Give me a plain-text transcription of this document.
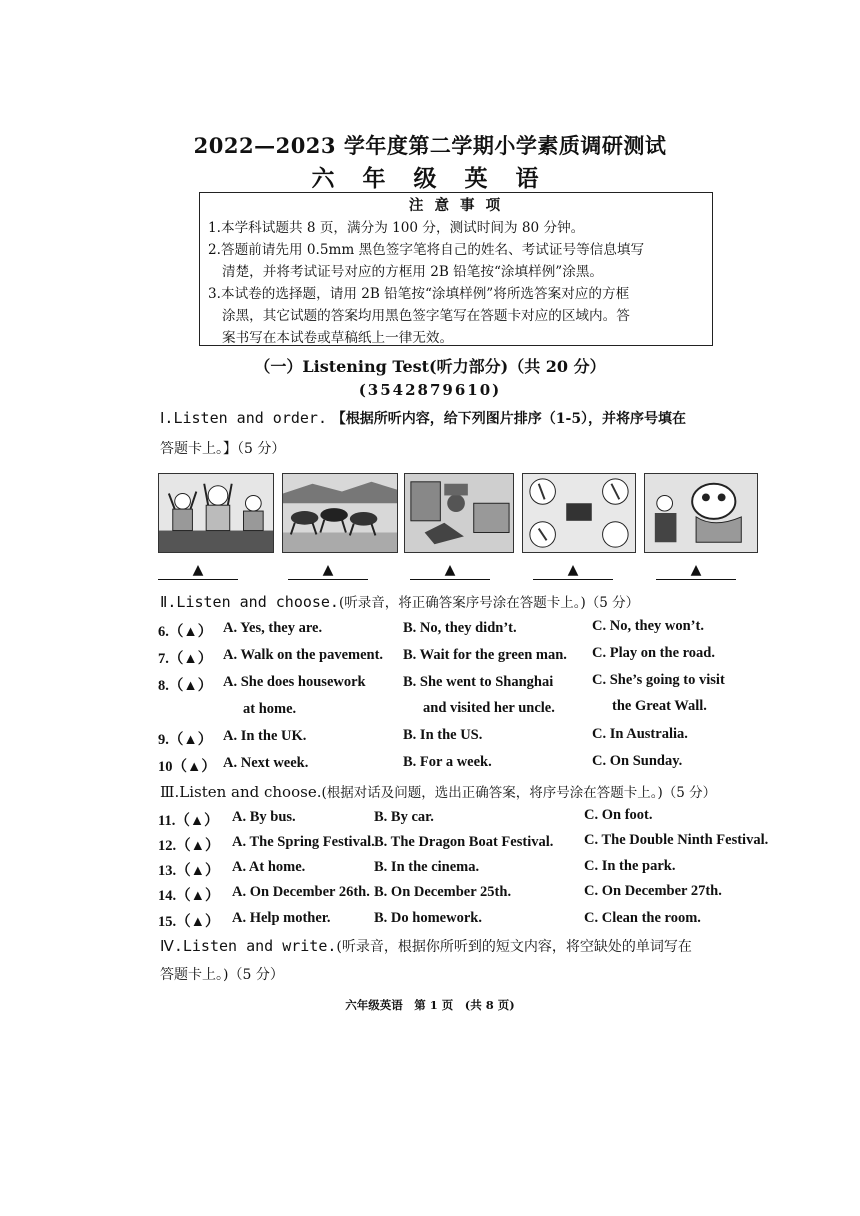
2022—2023 学年度第二学期小学素质调研测试
六 年 级 英 语
注 意 事 项
1.本学科试题共 8 页，满分为 100 分，测试时间为 80 分钟。
2.答题前请先用 0.5mm 黑色签字笔将自己的姓名、考试证号等信息填写
清楚，并将考试证号对应的方框用 2B 铅笔按“涂填样例”涂黑。
3.本试卷的选择题，请用 2B 铅笔按“涂填样例”将所选答案对应的方框
涂黑，其它试题的答案均用黑色签字笔写在答题卡对应的区域内。答
案书写在本试卷或草稿纸上一律无效。
（一）Listening Test(听力部分)（共 20 分）
(3542879610)
Ⅰ.Listen and order. 【根据所听内容，给下列图片排序（1-5），并将序号填在
答题卡上。】（5 分）
▲	▲	▲	▲	▲
Ⅱ.Listen and choose.(听录音，将正确答案序号涂在答题卡上。)（5 分）
6.（▲） A. Yes, they are.	B. No, they didn’t.	C. No, they won’t.
7.（▲） A. Walk on the pavement. B. Wait for the green man. C. Play on the road.
8.（▲） A. She does housework
at home.
B. She went to Shanghai
and visited her uncle.
C. She’s going to visit
the Great Wall.
9.（▲） A. In the UK.	B. In the US.	C. In Australia.
10（▲） A. Next week.	B. For a week.	C. On Sunday.
Ⅲ.Listen and choose.(根据对话及问题，选出正确答案，将序号涂在答题卡上。)（5 分）
11.（▲） A. By bus.	B. By car.	C. On foot.
12.（▲） A. The Spring Festival. B. The Dragon Boat Festival. C. The Double Ninth Festival.
13.（▲） A. At home.	B. In the cinema.	C. In the park.
14.（▲） A. On December 26th. B. On December 25th.	C. On December 27th.
15.（▲） A. Help mother.	B. Do homework.	C. Clean the room.
Ⅳ.Listen and write.(听录音，根据你所听到的短文内容，将空缺处的单词写在
答题卡上。)（5 分）
六年级英语　第 1 页　(共 8 页)
